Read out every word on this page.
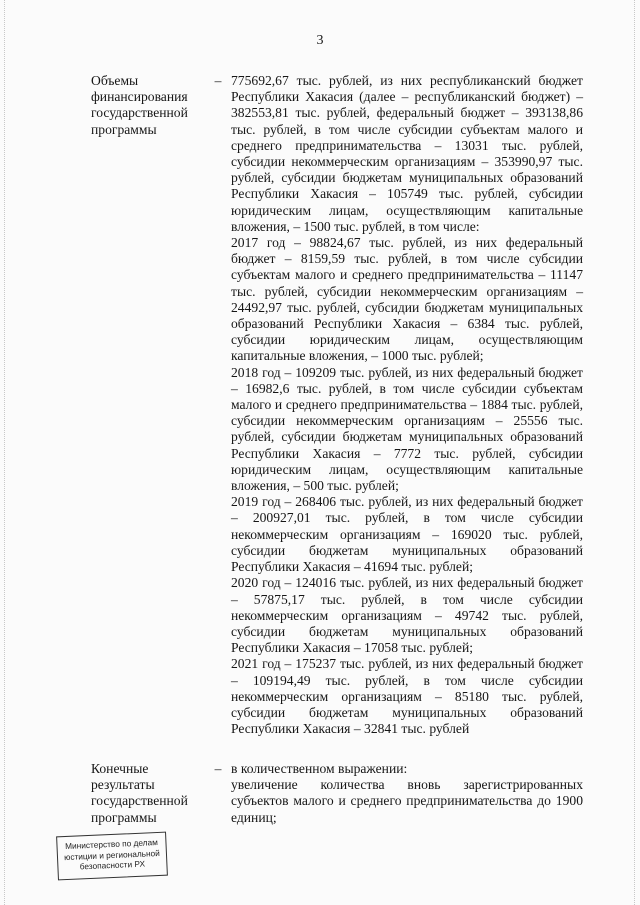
3
Объемы финансирования государственной программы
– 775692,67 тыс. рублей, из них республиканский бюджет Республики Хакасия (далее – республиканский бюджет) – 382553,81 тыс. рублей, федеральный бюджет – 393138,86 тыс. рублей, в том числе субсидии субъектам малого и среднего предпринимательства – 13031 тыс. рублей, субсидии некоммерческим организациям – 353990,97 тыс. рублей, субсидии бюджетам муниципальных образований Республики Хакасия – 105749 тыс. рублей, субсидии юридическим лицам, осуществляющим капитальные вложения, – 1500 тыс. рублей, в том числе:

2017 год – 98824,67 тыс. рублей, из них федеральный бюджет – 8159,59 тыс. рублей, в том числе субсидии субъектам малого и среднего предпринимательства – 11147 тыс. рублей, субсидии некоммерческим организациям – 24492,97 тыс. рублей, субсидии бюджетам муниципальных образований Республики Хакасия – 6384 тыс. рублей, субсидии юридическим лицам, осуществляющим капитальные вложения, – 1000 тыс. рублей;

2018 год – 109209 тыс. рублей, из них федеральный бюджет – 16982,6 тыс. рублей, в том числе субсидии субъектам малого и среднего предпринимательства – 1884 тыс. рублей, субсидии некоммерческим организациям – 25556 тыс. рублей, субсидии бюджетам муниципальных образований Республики Хакасия – 7772 тыс. рублей, субсидии юридическим лицам, осуществляющим капитальные вложения, – 500 тыс. рублей;

2019 год – 268406 тыс. рублей, из них федеральный бюджет – 200927,01 тыс. рублей, в том числе субсидии некоммерческим организациям – 169020 тыс. рублей, субсидии бюджетам муниципальных образований Республики Хакасия – 41694 тыс. рублей;

2020 год – 124016 тыс. рублей, из них федеральный бюджет – 57875,17 тыс. рублей, в том числе субсидии некоммерческим организациям – 49742 тыс. рублей, субсидии бюджетам муниципальных образований Республики Хакасия – 17058 тыс. рублей;

2021 год – 175237 тыс. рублей, из них федеральный бюджет – 109194,49 тыс. рублей, в том числе субсидии некоммерческим организациям – 85180 тыс. рублей, субсидии бюджетам муниципальных образований Республики Хакасия – 32841 тыс. рублей

Конечные результаты государственной программы
– в количественном выражении:

увеличение количества вновь зарегистрированных субъектов малого и среднего предпринимательства до 1900 единиц;

Министерство по делам
юстиции и региональной
безопасности РХ
